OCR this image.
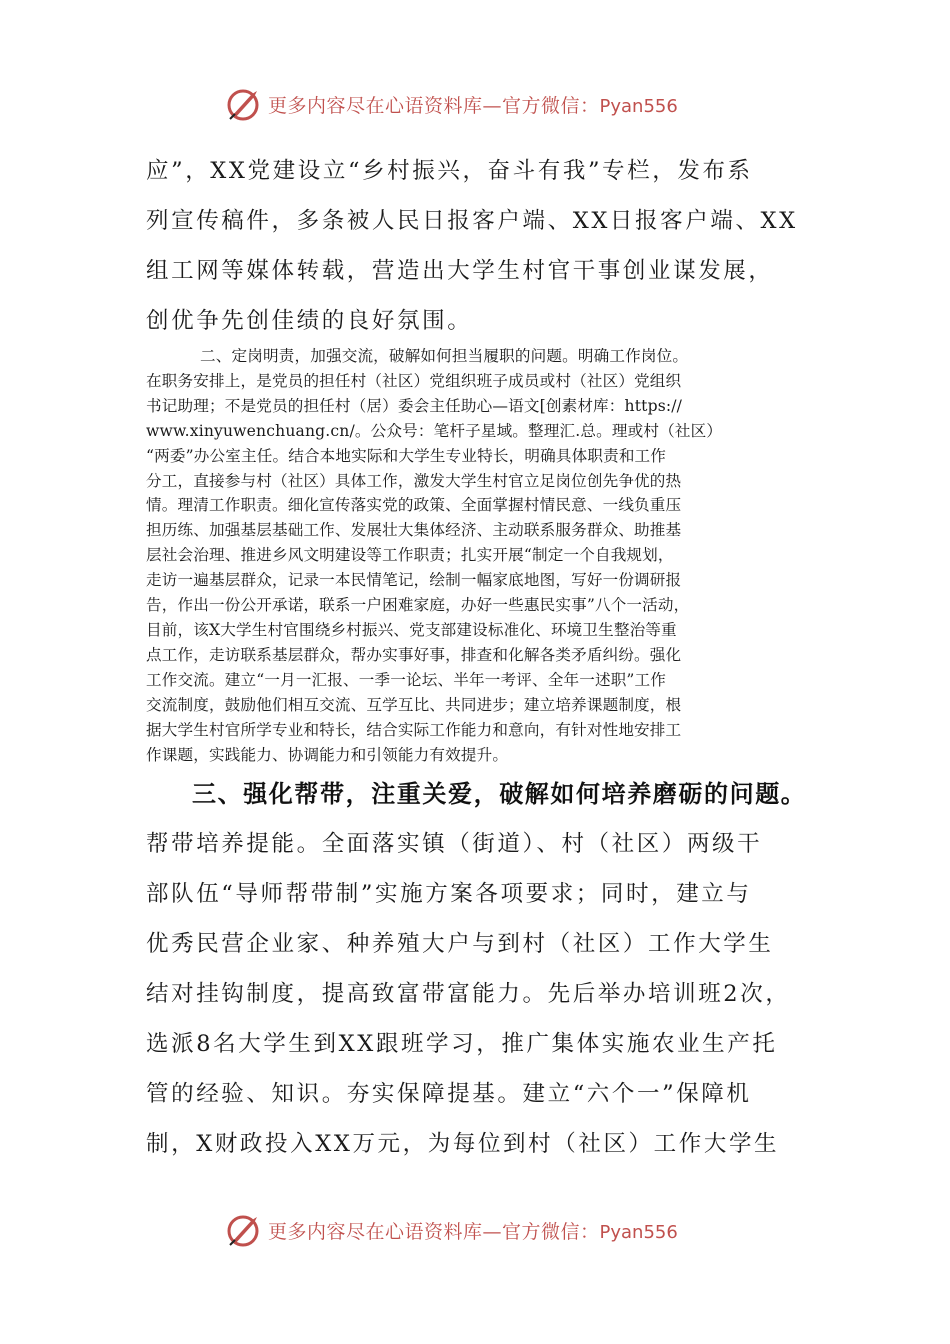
更多内容尽在心语资料库—官方微信：Pyan556
应”，XX党建设立“乡村振兴，奋斗有我”专栏，发布系
列宣传稿件，多条被人民日报客户端、XX日报客户端、XX
组工网等媒体转载，营造出大学生村官干事创业谋发展，
创优争先创佳绩的良好氛围。
二、定岗明责，加强交流，破解如何担当履职的问题。明确工作岗位。
在职务安排上，是党员的担任村（社区）党组织班子成员或村（社区）党组织
书记助理；不是党员的担任村（居）委会主任助心—语文[创素材库：https://
www.xinyuwenchuang.cn/。公众号：笔杆子星域。整理汇.总。理或村（社区）
“两委”办公室主任。结合本地实际和大学生专业特长，明确具体职责和工作
分工，直接参与村（社区）具体工作，激发大学生村官立足岗位创先争优的热
情。理清工作职责。细化宣传落实党的政策、全面掌握村情民意、一线负重压
担历练、加强基层基础工作、发展壮大集体经济、主动联系服务群众、助推基
层社会治理、推进乡风文明建设等工作职责；扎实开展“制定一个自我规划，
走访一遍基层群众，记录一本民情笔记，绘制一幅家底地图，写好一份调研报
告，作出一份公开承诺，联系一户困难家庭，办好一些惠民实事”八个一活动，
目前，该X大学生村官围绕乡村振兴、党支部建设标准化、环境卫生整治等重
点工作，走访联系基层群众，帮办实事好事，排查和化解各类矛盾纠纷。强化
工作交流。建立“一月一汇报、一季一论坛、半年一考评、全年一述职”工作
交流制度，鼓励他们相互交流、互学互比、共同进步；建立培养课题制度，根
据大学生村官所学专业和特长，结合实际工作能力和意向，有针对性地安排工
作课题，实践能力、协调能力和引领能力有效提升。
三、强化帮带，注重关爱，破解如何培养磨砺的问题。
帮带培养提能。全面落实镇（街道）、村（社区）两级干
部队伍“导师帮带制”实施方案各项要求；同时，建立与
优秀民营企业家、种养殖大户与到村（社区）工作大学生
结对挂钩制度，提高致富带富能力。先后举办培训班2次，
选派8名大学生到XX跟班学习，推广集体实施农业生产托
管的经验、知识。夯实保障提基。建立“六个一”保障机
制，X财政投入XX万元，为每位到村（社区）工作大学生
更多内容尽在心语资料库—官方微信：Pyan556
